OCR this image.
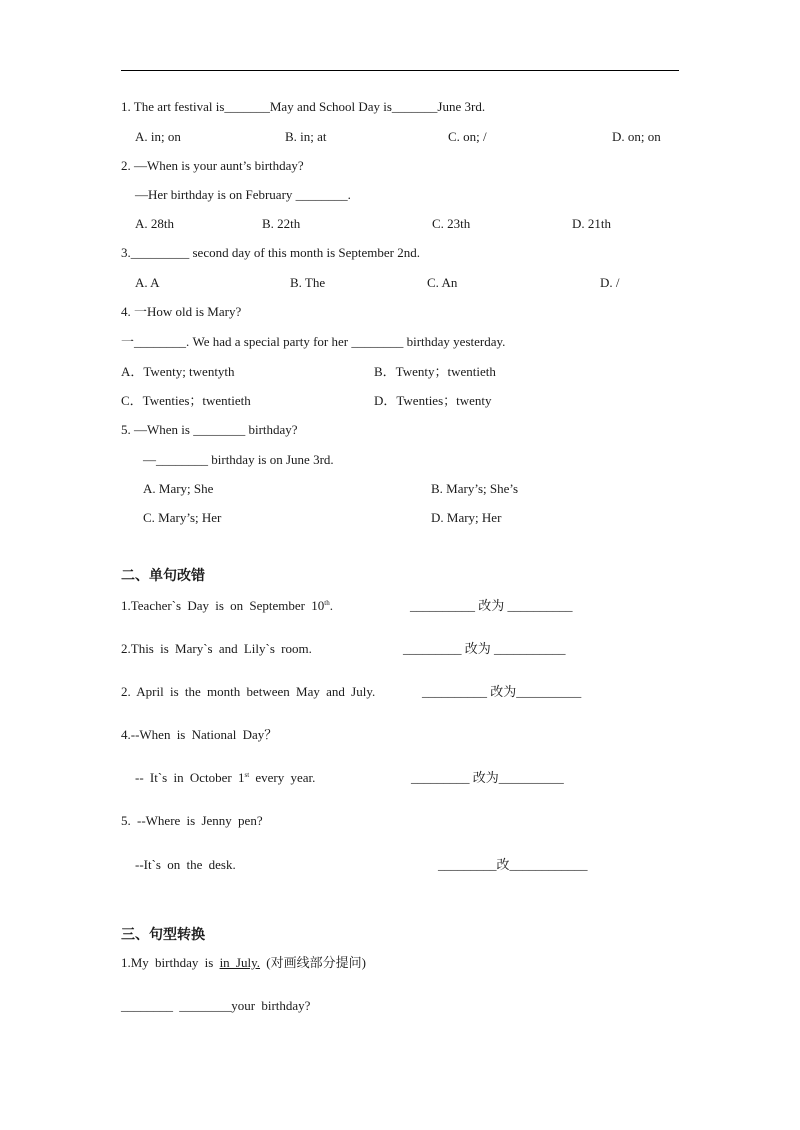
1. The art festival is_______May and School Day is_______June 3rd.
A. in; on	B. in; at	C. on; /	D. on; on
2. —When is your aunt’s birthday?
—Her birthday is on February ________.
A. 28th	B. 22th	C. 23th	D. 21th
3._________ second day of this month is September 2nd.
A. A	B. The	C. An	D. /
4. 一How old is Mary?
一________. We had a special party for her ________ birthday yesterday.
A．Twenty; twentyth	B．Twenty；twentieth
C．Twenties；twentieth	D．Twenties；twenty
5. —When is ________ birthday?
—________ birthday is on June 3rd.
A. Mary; She	B. Mary’s; She’s
C. Mary’s; Her	D. Mary; Her
二、单句改错
1.Teacher`s Day is on September 10th.	__________ 改为 __________
2.This is Mary`s and Lily`s room.	_________ 改为 ___________
2. April is the month between May and July.	__________ 改为__________
4.--When is National Day？
-- It`s in October 1st every year.	_________ 改为__________
5. --Where is Jenny pen?
--It`s on the desk.	_________改____________
三、句型转换
1.My birthday is in July. (对画线部分提问)
________ ________your birthday?
